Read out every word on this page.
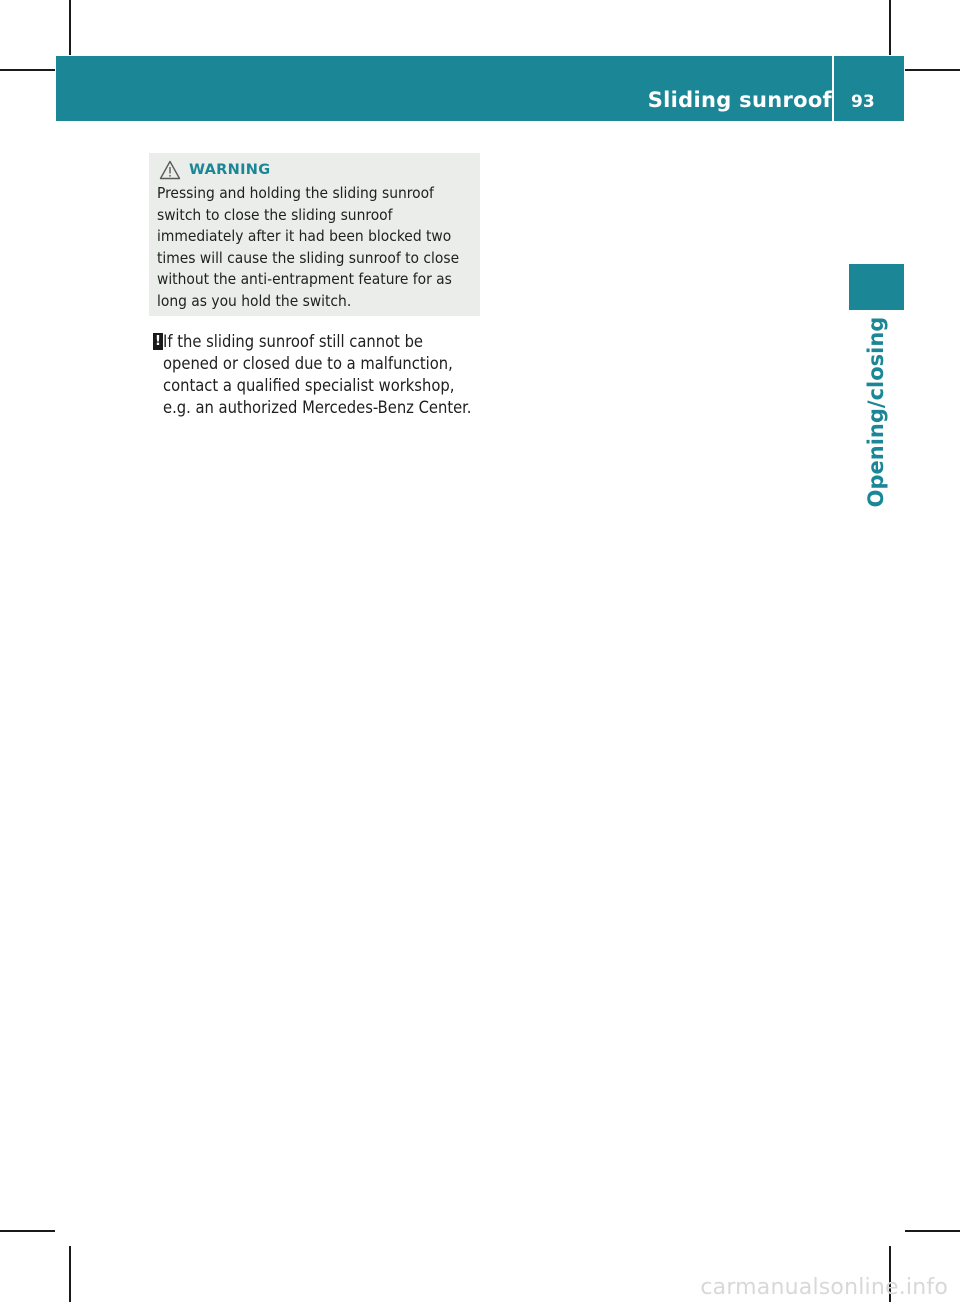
Sliding sunroof 93
Opening/closing
WARNING
Pressing and holding the sliding sunroof
switch to close the sliding sunroof
immediately after it had been blocked two
times will cause the sliding sunroof to close
without the anti-entrapment feature for as
long as you hold the switch.
! If the sliding sunroof still cannot be
opened or closed due to a malfunction,
contact a qualified specialist workshop,
e.g. an authorized Mercedes-Benz Center.
carmanualsonline.info
